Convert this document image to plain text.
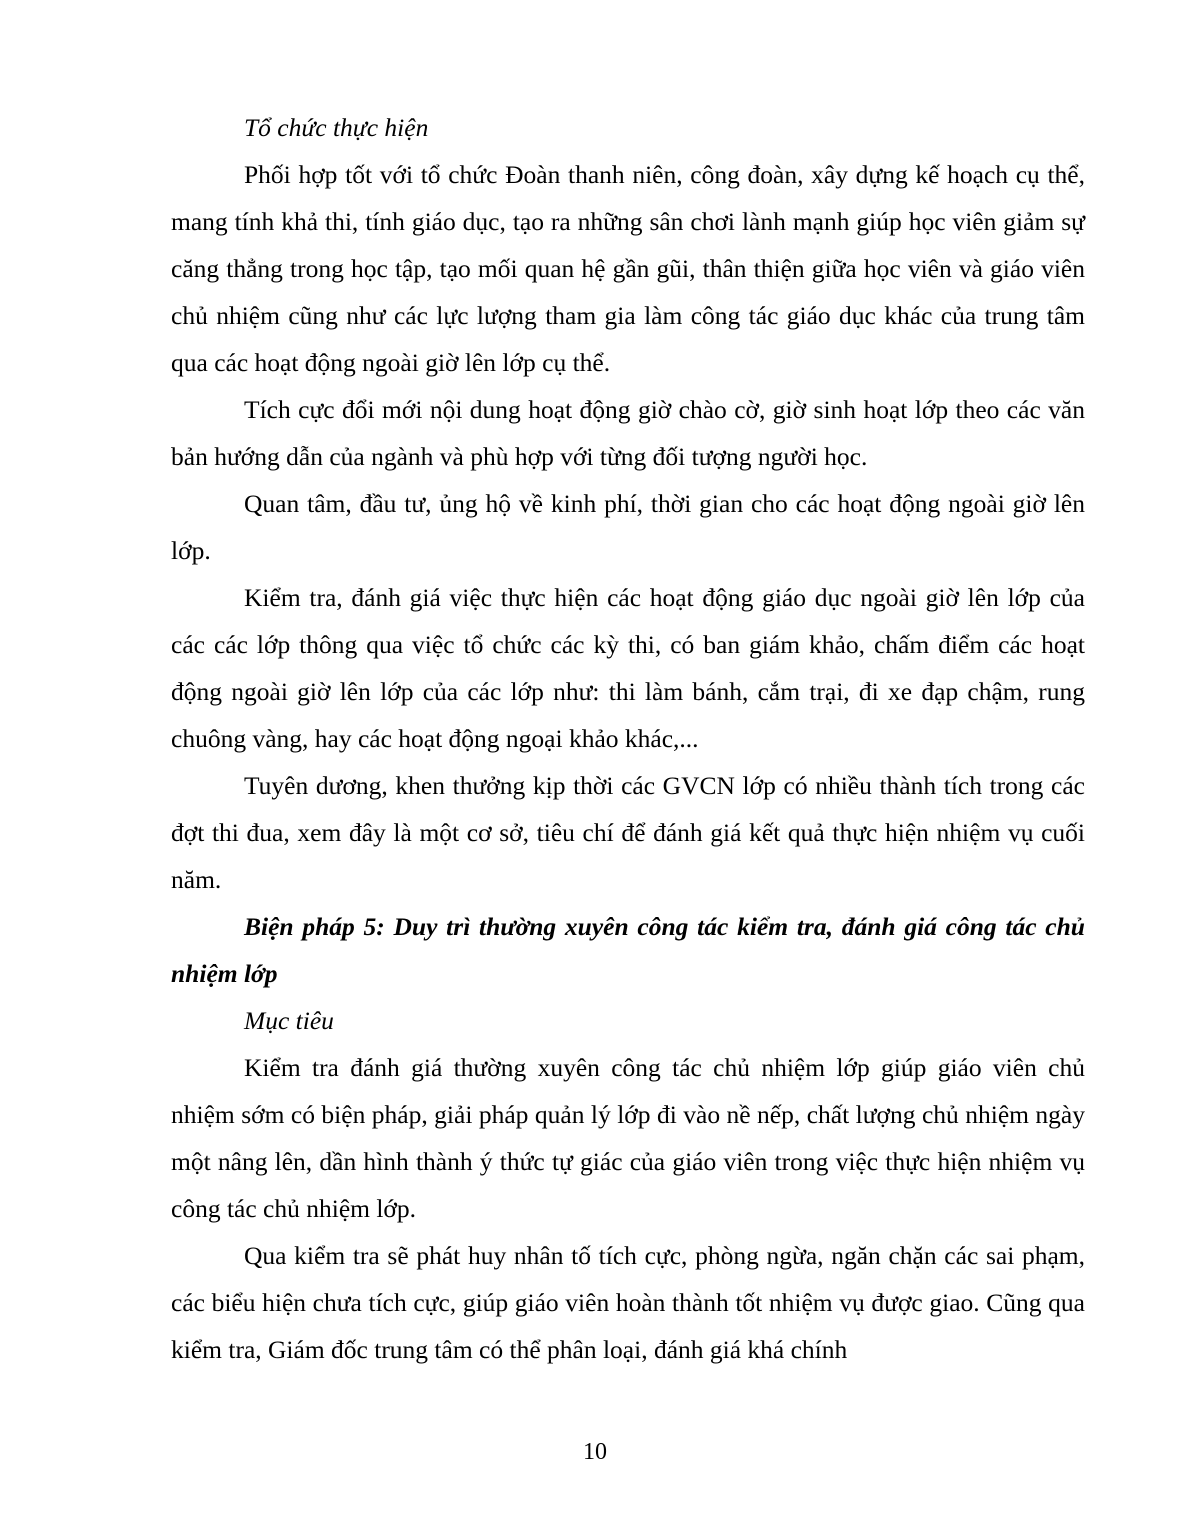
Tổ chức thực hiện

Phối hợp tốt với tổ chức Đoàn thanh niên, công đoàn, xây dựng kế hoạch cụ thể, mang tính khả thi, tính giáo dục, tạo ra những sân chơi lành mạnh giúp học viên giảm sự căng thẳng trong học tập, tạo mối quan hệ gần gũi, thân thiện giữa học viên và giáo viên chủ nhiệm cũng như các lực lượng tham gia làm công tác giáo dục khác của trung tâm qua các hoạt động ngoài giờ lên lớp cụ thể.

Tích cực đổi mới nội dung hoạt động giờ chào cờ, giờ sinh hoạt lớp theo các văn bản hướng dẫn của ngành và phù hợp với từng đối tượng người học.

Quan tâm, đầu tư, ủng hộ về kinh phí, thời gian cho các hoạt động ngoài giờ lên lớp.

Kiểm tra, đánh giá việc thực hiện các hoạt động giáo dục ngoài giờ lên lớp của các các lớp thông qua việc tổ chức các kỳ thi, có ban giám khảo, chấm điểm các hoạt động ngoài giờ lên lớp của các lớp như: thi làm bánh, cắm trại, đi xe đạp chậm, rung chuông vàng, hay các hoạt động ngoại khảo khác,...

Tuyên dương, khen thưởng kịp thời các GVCN lớp có nhiều thành tích trong các đợt thi đua, xem đây là một cơ sở, tiêu chí để đánh giá kết quả thực hiện nhiệm vụ cuối năm.

Biện pháp 5: Duy trì thường xuyên công tác kiểm tra, đánh giá công tác chủ nhiệm lớp

Mục tiêu

Kiểm tra đánh giá thường xuyên công tác chủ nhiệm lớp giúp giáo viên chủ nhiệm sớm có biện pháp, giải pháp quản lý lớp đi vào nề nếp, chất lượng chủ nhiệm ngày một nâng lên, dần hình thành ý thức tự giác của giáo viên trong việc thực hiện nhiệm vụ công tác chủ nhiệm lớp.

Qua kiểm tra sẽ phát huy nhân tố tích cực, phòng ngừa, ngăn chặn các sai phạm, các biểu hiện chưa tích cực, giúp giáo viên hoàn thành tốt nhiệm vụ được giao. Cũng qua kiểm tra, Giám đốc trung tâm có thể phân loại, đánh giá khá chính

10
